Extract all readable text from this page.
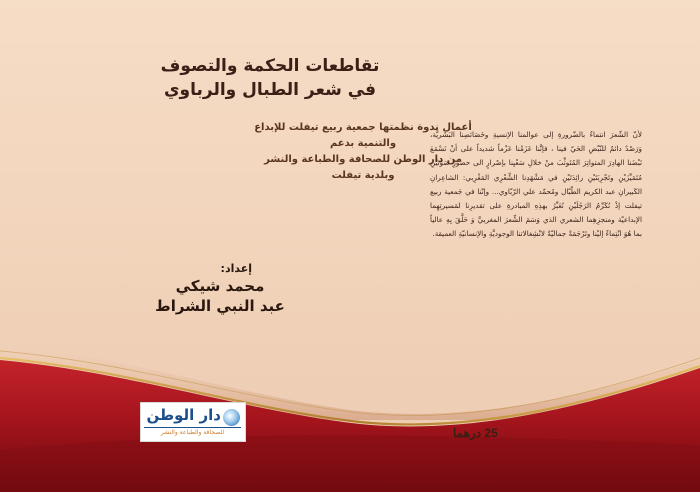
تقاطعات الحكمة والتصوف
في شعر الطبال والرباوي
أعمال ندوة نظمتها جمعية ربيع تيفلت للإبداع والتنمية بدعم
من دار الوطن للصحافة والطباعة والنشر وبلدية تيفلت
إعداد:
محمد شيكي
عبد النبي الشراط
لأنّ الشّعرَ انتماءٌ بالضّرورةِ إلى عوالمنا الإنسيةِ وخَصَائصِنا البَشَريَّة، وَرَصْدٌ دائمٌ للنّبْضِ الحَيّ فينا ، فإنَّنا عَزَمْنا عَزْماً شديداً على أنْ نَسْمَعَ نَبْضَنا الهادِرَ المتواتِرَ المُتَوثِّبَ منْ خلالِ سَعْيِنا بإصْرارٍ الى حضورِ صَوْتَيْنِ مُتَمَيِّزَيْنِ وتَجْرِبَتَيْنِ رائِدَتَيْنِ في مَشْهَدِنا الشِّعْرِي المَغْرِبي: الشاعِرانِ الكَبيرانِ عبد الكريم الطّبّال ومُحمّد علي الرّبّاوي... وإنّنا في جَمعية ربيع تيفلت إذْ نُكَرِّمُ الرَجُلَيْنِ نُعَبِّرُ بهذِهِ المبادرةِ على تقديرِنا لمَسيرتِهِما الإبداعيّة ومنجزِهِما الشعري الذي وَسَمَ الشِّعرَ المغربيَّ وَ حَلَّقَ بِهِ عالياً بما هُوَ انْتِماءٌ إليْنا وتَرْجَمَةٌ جماليّةٌ لانْشِغالاتنا الوجوديَّةِ والإنسانيّةِ العميقة.
دار الوطن
للصحافة والطباعة والنشر	25 درهما
